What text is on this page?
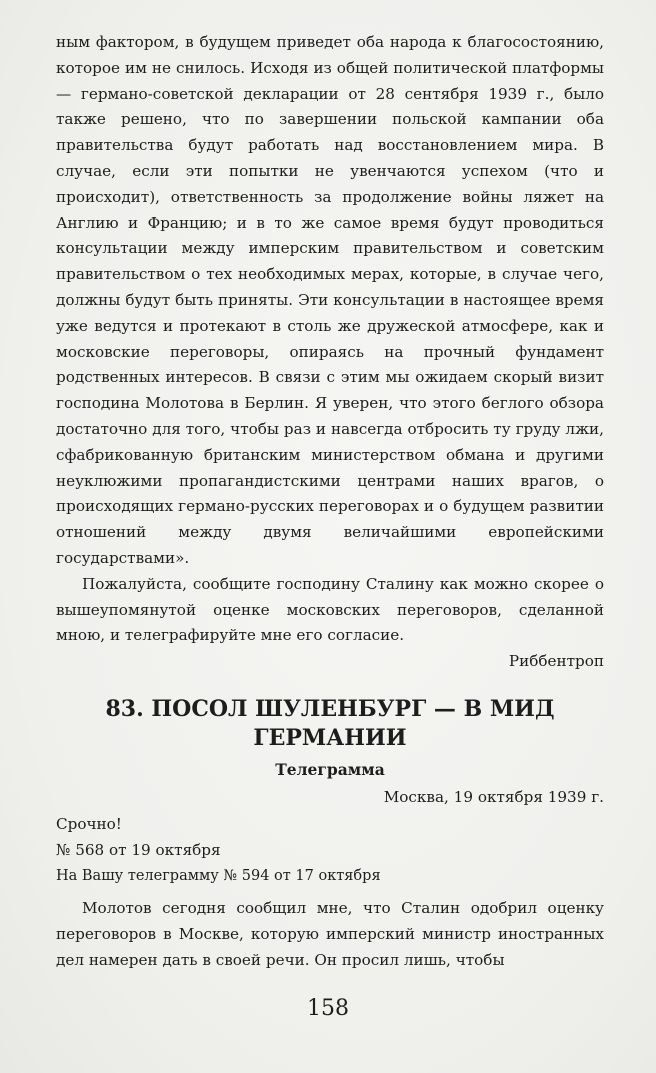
ным фактором, в будущем приведет оба народа к благосостоянию, которое им не снилось. Исходя из общей политической платформы — германо-советской декларации от 28 сентября 1939 г., было также решено, что по завершении польской кампании оба правительства будут работать над восстановлением мира. В случае, если эти попытки не увенчаются успехом (что и происходит), ответственность за продолжение войны ляжет на Англию и Францию; и в то же самое время будут проводиться консультации между имперским правительством и советским правительством о тех необходимых мерах, которые, в случае чего, должны будут быть приняты. Эти консультации в настоящее время уже ведутся и протекают в столь же дружеской атмосфере, как и московские переговоры, опираясь на прочный фундамент родственных интересов. В связи с этим мы ожидаем скорый визит господина Молотова в Берлин. Я уверен, что этого беглого обзора достаточно для того, чтобы раз и навсегда отбросить ту груду лжи, сфабрикованную британским министерством обмана и другими неуклюжими пропагандистскими центрами наших врагов, о происходящих германо-русских переговорах и о будущем развитии отношений между двумя величайшими европейскими государствами».

Пожалуйста, сообщите господину Сталину как можно скорее о вышеупомянутой оценке московских переговоров, сделанной мною, и телеграфируйте мне его согласие.

Риббентроп

83. ПОСОЛ ШУЛЕНБУРГ — В МИД ГЕРМАНИИ

Телеграмма

Москва, 19 октября 1939 г.

Срочно!

№ 568 от 19 октября

На Вашу телеграмму № 594 от 17 октября

Молотов сегодня сообщил мне, что Сталин одобрил оценку переговоров в Москве, которую имперский министр иностранных дел намерен дать в своей речи. Он просил лишь, чтобы

158
